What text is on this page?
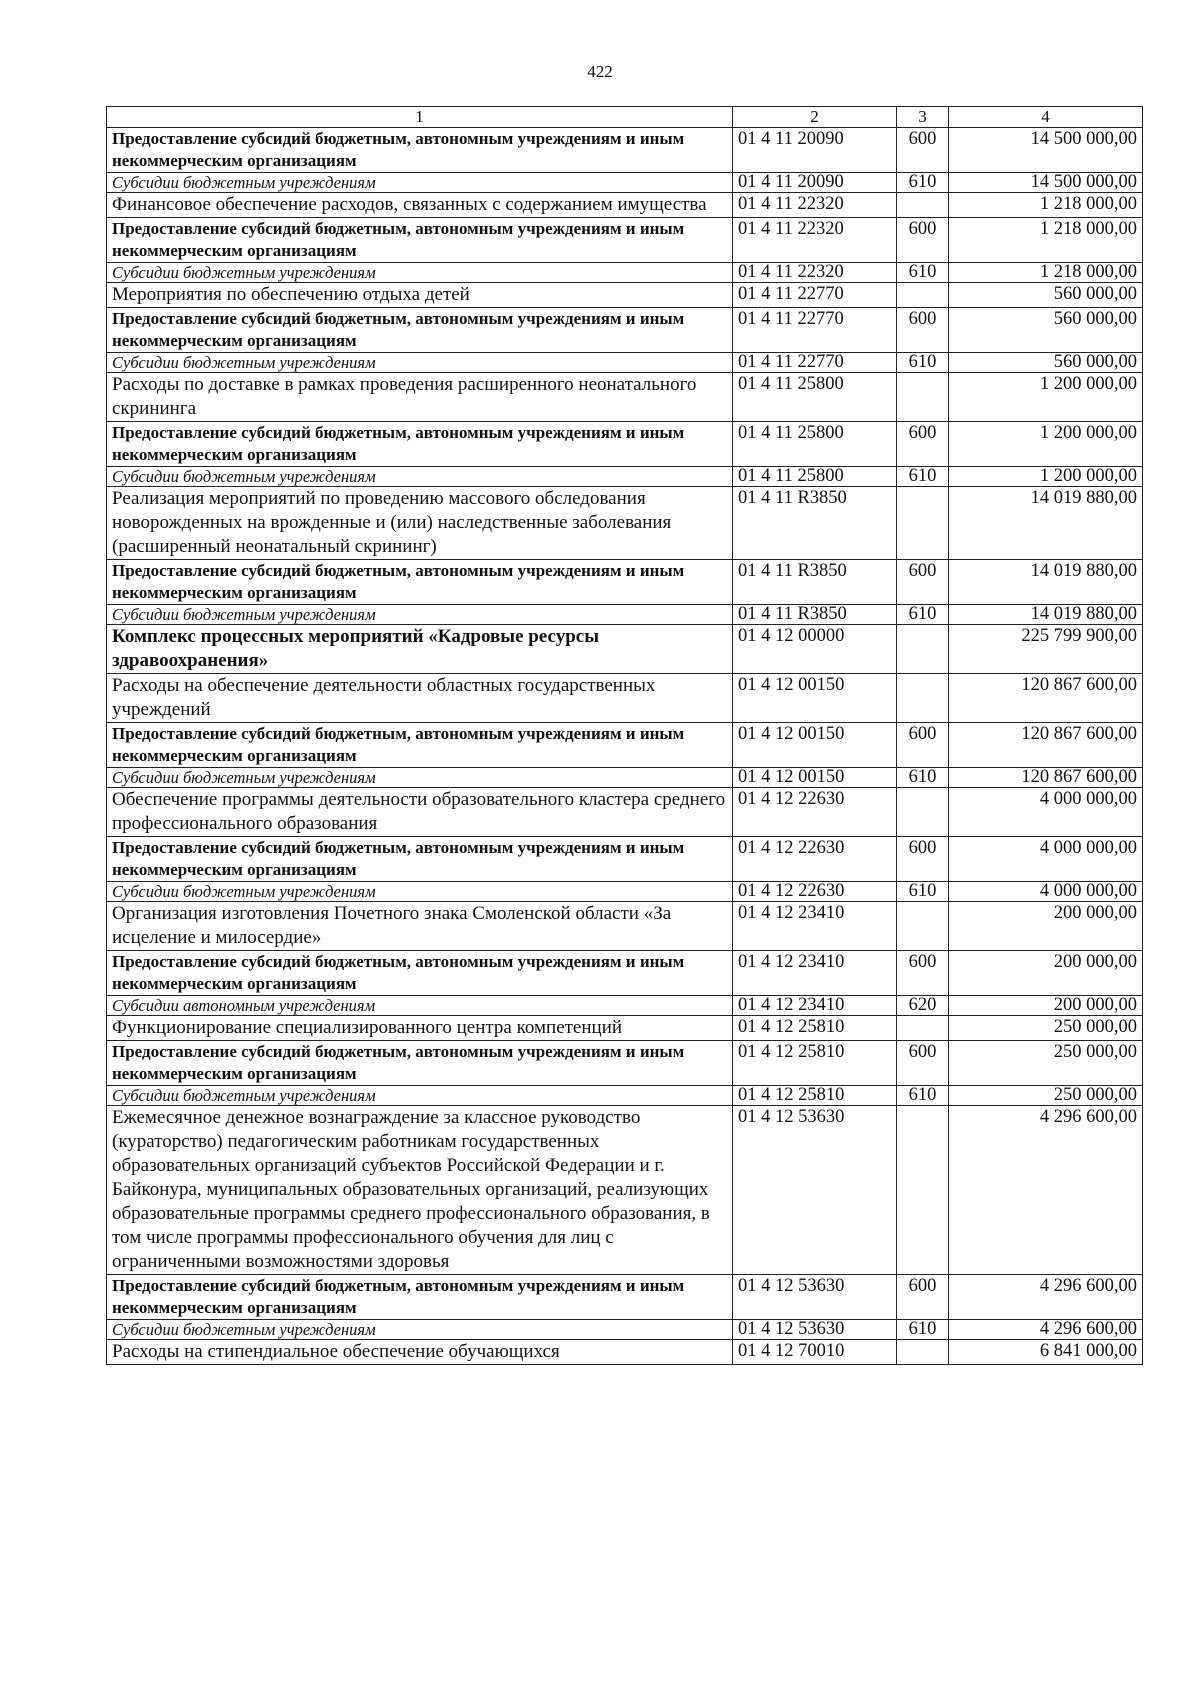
422
1	2	3	4
Предоставление субсидий бюджетным, автономным учреждениям и иным некоммерческим организациям	01 4 11 20090	600	14 500 000,00
Субсидии бюджетным учреждениям	01 4 11 20090	610	14 500 000,00
Финансовое обеспечение расходов, связанных с содержанием имущества	01 4 11 22320		1 218 000,00
Предоставление субсидий бюджетным, автономным учреждениям и иным некоммерческим организациям	01 4 11 22320	600	1 218 000,00
Субсидии бюджетным учреждениям	01 4 11 22320	610	1 218 000,00
Мероприятия по обеспечению отдыха детей	01 4 11 22770		560 000,00
Предоставление субсидий бюджетным, автономным учреждениям и иным некоммерческим организациям	01 4 11 22770	600	560 000,00
Субсидии бюджетным учреждениям	01 4 11 22770	610	560 000,00
Расходы по доставке в рамках проведения расширенного неонатального скрининга	01 4 11 25800		1 200 000,00
Предоставление субсидий бюджетным, автономным учреждениям и иным некоммерческим организациям	01 4 11 25800	600	1 200 000,00
Субсидии бюджетным учреждениям	01 4 11 25800	610	1 200 000,00
Реализация мероприятий по проведению массового обследования новорожденных на врожденные и (или) наследственные заболевания (расширенный неонатальный скрининг)	01 4 11 R3850		14 019 880,00
Предоставление субсидий бюджетным, автономным учреждениям и иным некоммерческим организациям	01 4 11 R3850	600	14 019 880,00
Субсидии бюджетным учреждениям	01 4 11 R3850	610	14 019 880,00
Комплекс процессных мероприятий «Кадровые ресурсы здравоохранения»	01 4 12 00000		225 799 900,00
Расходы на обеспечение деятельности областных государственных учреждений	01 4 12 00150		120 867 600,00
Предоставление субсидий бюджетным, автономным учреждениям и иным некоммерческим организациям	01 4 12 00150	600	120 867 600,00
Субсидии бюджетным учреждениям	01 4 12 00150	610	120 867 600,00
Обеспечение программы деятельности образовательного кластера среднего профессионального образования	01 4 12 22630		4 000 000,00
Предоставление субсидий бюджетным, автономным учреждениям и иным некоммерческим организациям	01 4 12 22630	600	4 000 000,00
Субсидии бюджетным учреждениям	01 4 12 22630	610	4 000 000,00
Организация изготовления Почетного знака Смоленской области «За исцеление и милосердие»	01 4 12 23410		200 000,00
Предоставление субсидий бюджетным, автономным учреждениям и иным некоммерческим организациям	01 4 12 23410	600	200 000,00
Субсидии автономным учреждениям	01 4 12 23410	620	200 000,00
Функционирование специализированного центра компетенций	01 4 12 25810		250 000,00
Предоставление субсидий бюджетным, автономным учреждениям и иным некоммерческим организациям	01 4 12 25810	600	250 000,00
Субсидии бюджетным учреждениям	01 4 12 25810	610	250 000,00
Ежемесячное денежное вознаграждение за классное руководство (кураторство) педагогическим работникам государственных образовательных организаций субъектов Российской Федерации и г. Байконура, муниципальных образовательных организаций, реализующих образовательные программы среднего профессионального образования, в том числе программы профессионального обучения для лиц с ограниченными возможностями здоровья	01 4 12 53630		4 296 600,00
Предоставление субсидий бюджетным, автономным учреждениям и иным некоммерческим организациям	01 4 12 53630	600	4 296 600,00
Субсидии бюджетным учреждениям	01 4 12 53630	610	4 296 600,00
Расходы на стипендиальное обеспечение обучающихся	01 4 12 70010		6 841 000,00
